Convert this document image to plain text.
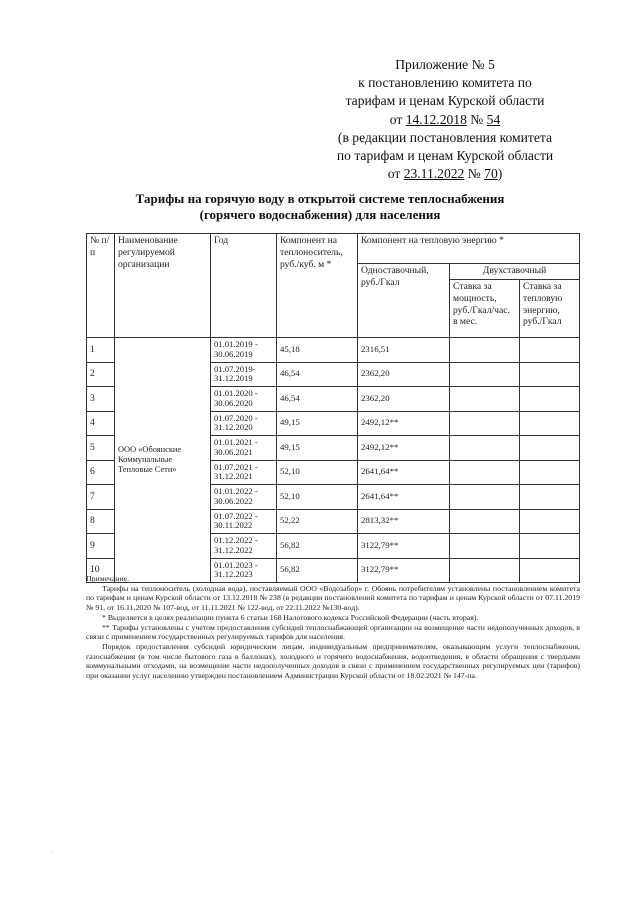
Приложение № 5
к постановлению комитета по
тарифам и ценам Курской области
от 14.12.2018 № 54
(в редакции постановления комитета
по тарифам и ценам Курской области
от 23.11.2022 № 70)
Тарифы на горячую воду в открытой системе теплоснабжения
(горячего водоснабжения) для населения
№ п/п	Наименование регулируемой организации	Год	Компонент на теплоноситель, руб./куб. м *	Компонент на тепловую энергию *		
				Одноставочный, руб./Гкал	Двухставочный	
					Ставка за мощность, руб./Гкал/час. в мес.	Ставка за тепловую энергию, руб./Гкал
1	ООО «Обоянские Коммунальные Тепловые Сети»	01.01.2019 - 30.06.2019	45,18	2316,51		
2		01.07.2019- 31.12.2019	46,54	2362,20		
3		01.01.2020 - 30.06.2020	46,54	2362,20		
4		01.07.2020 - 31.12.2020	49,15	2492,12**		
5		01.01.2021 - 30.06.2021	49,15	2492,12**		
6		01.07.2021 - 31.12.2021	52,10	2641,64**		
7		01.01.2022 - 30.06.2022	52,10	2641,64**		
8		01.07.2022 - 30.11.2022	52,22	2813,32**		
9		01.12.2022 - 31.12.2022	56,82	3122,79**		
10		01.01.2023 - 31.12.2023	56,82	3122,79**		

Примечание.

Тарифы на теплоноситель (холодная вода), поставляемый ООО «Водозабор» г. Обоянь потребителям установлены постановлением комитета по тарифам и ценам Курской области от 13.12.2018 № 238 (в редакции постановлений комитета по тарифам и ценам Курской области от 07.11.2019 № 91, от 16.11.2020 № 107-вод, от 11.11.2021 № 122-вод, от 22.11.2022 №130-вод).

* Выделяется в целях реализации пункта 6 статьи 168 Налогового кодекса Российской Федерации (часть вторая).

** Тарифы установлены с учетом предоставления субсидий теплоснабжающей организации на возмещение части недополученных доходов, в связи с применением государственных регулируемых тарифов для населения.

Порядок предоставления субсидий юридическим лицам, индивидуальным предпринимателям, оказывающим услуги теплоснабжения, газоснабжения (в том числе бытового газа в баллонах), холодного и горячего водоснабжения, водоотведения, в области обращения с твердыми коммунальными отходами, на возмещение части недополученных доходов в связи с применением государственных регулируемых цен (тарифов) при оказании услуг населению утвержден постановлением Администрации Курской области от 18.02.2021 № 147-па.

.
